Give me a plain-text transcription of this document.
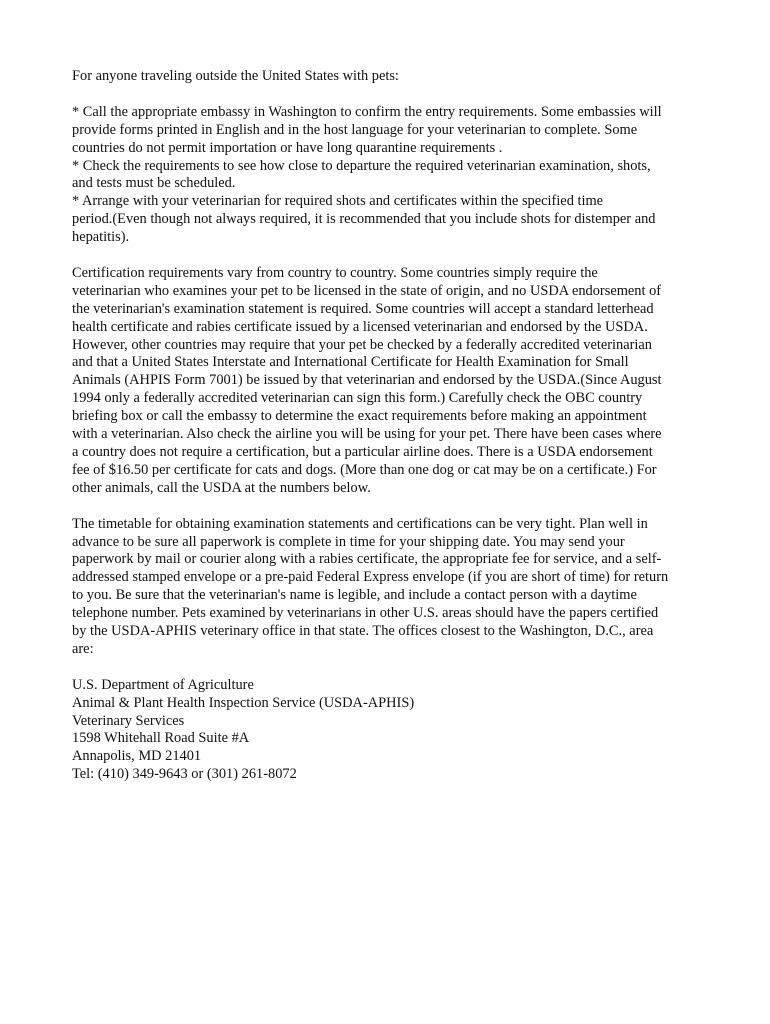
For anyone traveling outside the United States with pets:

* Call the appropriate embassy in Washington to confirm the entry requirements. Some embassies will
provide forms printed in English and in the host language for your veterinarian to complete. Some
countries do not permit importation or have long quarantine requirements .

* Check the requirements to see how close to departure the required veterinarian examination, shots,
and tests must be scheduled.

* Arrange with your veterinarian for required shots and certificates within the specified time
period.(Even though not always required, it is recommended that you include shots for distemper and
hepatitis).

Certification requirements vary from country to country. Some countries simply require the
veterinarian who examines your pet to be licensed in the state of origin, and no USDA endorsement of
the veterinarian's examination statement is required. Some countries will accept a standard letterhead
health certificate and rabies certificate issued by a licensed veterinarian and endorsed by the USDA.
However, other countries may require that your pet be checked by a federally accredited veterinarian
and that a United States Interstate and International Certificate for Health Examination for Small
Animals (AHPIS Form 7001) be issued by that veterinarian and endorsed by the USDA.(Since August
1994 only a federally accredited veterinarian can sign this form.) Carefully check the OBC country
briefing box or call the embassy to determine the exact requirements before making an appointment
with a veterinarian. Also check the airline you will be using for your pet. There have been cases where
a country does not require a certification, but a particular airline does. There is a USDA endorsement
fee of $16.50 per certificate for cats and dogs. (More than one dog or cat may be on a certificate.) For
other animals, call the USDA at the numbers below.

The timetable for obtaining examination statements and certifications can be very tight. Plan well in
advance to be sure all paperwork is complete in time for your shipping date. You may send your
paperwork by mail or courier along with a rabies certificate, the appropriate fee for service, and a self-
addressed stamped envelope or a pre-paid Federal Express envelope (if you are short of time) for return
to you. Be sure that the veterinarian's name is legible, and include a contact person with a daytime
telephone number. Pets examined by veterinarians in other U.S. areas should have the papers certified
by the USDA-APHIS veterinary office in that state. The offices closest to the Washington, D.C., area
are:

U.S. Department of Agriculture
Animal & Plant Health Inspection Service (USDA-APHIS)
Veterinary Services
1598 Whitehall Road Suite #A
Annapolis, MD 21401
Tel: (410) 349-9643 or (301) 261-8072
